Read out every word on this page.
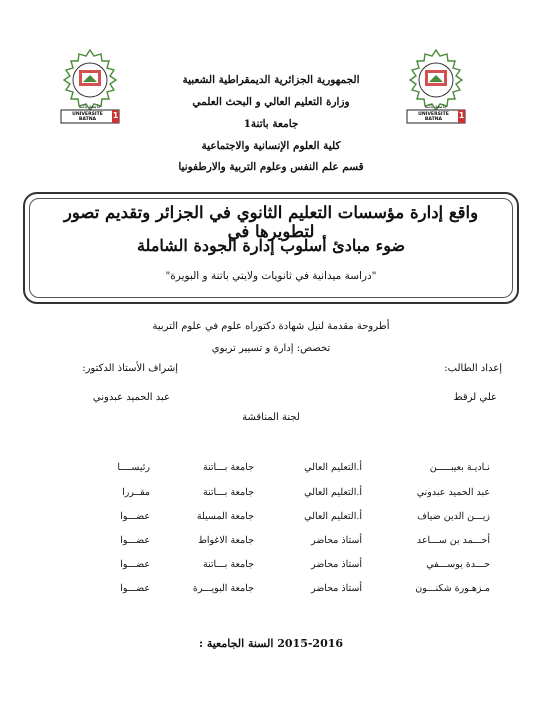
UNIVERSITE BATNA	1
جامعة باتنة
UNIVERSITE BATNA	1
جامعة باتنة
الجمهورية الجزائرية الديمقراطية الشعبية
وزارة التعليم العالي و البحث العلمي
جامعة باتنة1
كلية العلوم الإنسانية والاجتماعية
قسم علم النفس وعلوم التربية والارطفونيا
واقع إدارة مؤسسات التعليم الثانوي في الجزائر وتقديم تصور لتطويرها في
ضوء مبادئ أسلوب إدارة الجودة الشاملة
"دراسة ميدانية في ثانويات ولايتي باتنة و البويرة"
أطروحة مقدمة لنيل شهادة دكتوراه علوم في علوم التربية
تخصص: إدارة و تسيير تربوي
إعداد الطالب:
علي لرقط
إشراف الأستاذ الدكتور:
عبد الحميد عبدوني
لجنة المناقشة
نـاديـة بعيبـــــن
أ.التعليم العالي
جامعة بـــاتنة
رئيســــا
عبد الحميد عبدوني
أ.التعليم العالي
جامعة بـــاتنة
مقــررا
زيـــن الدين ضياف
أ.التعليم العالي
جامعة المسيلة
عضـــوا
أحـــمد بن ســـاعد
أستاذ محاضر
جامعة الاغواط
عضـــوا
حـــدة يوســـفي
أستاذ محاضر
جامعة بـــاتنة
عضـــوا
مـزهـورة شكنـــون
أستاذ محاضر
جامعة البويـــرة
عضـــوا
السنة الجامعية : 2015-2016
